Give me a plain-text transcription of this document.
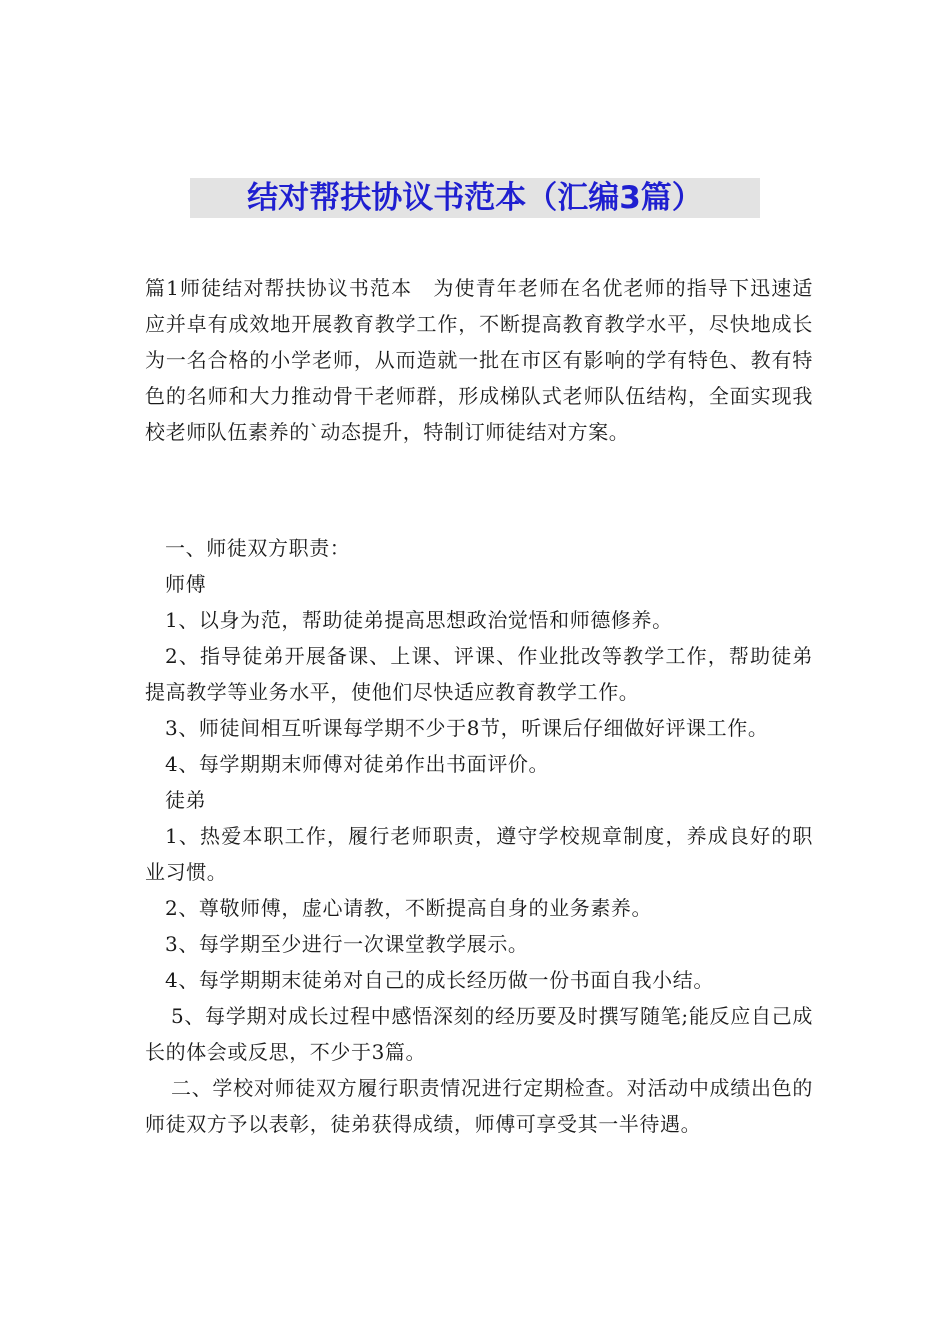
结对帮扶协议书范本（汇编3篇）

篇1师徒结对帮扶协议书范本　为使青年老师在名优老师的指导下迅速适应并卓有成效地开展教育教学工作，不断提高教育教学水平，尽快地成长为一名合格的小学老师，从而造就一批在市区有影响的学有特色、教有特色的名师和大力推动骨干老师群，形成梯队式老师队伍结构，全面实现我校老师队伍素养的`动态提升，特制订师徒结对方案。

一、师徒双方职责：

师傅

1、以身为范，帮助徒弟提高思想政治觉悟和师德修养。

2、指导徒弟开展备课、上课、评课、作业批改等教学工作，帮助徒弟提高教学等业务水平，使他们尽快适应教育教学工作。

3、师徒间相互听课每学期不少于8节，听课后仔细做好评课工作。

4、每学期期末师傅对徒弟作出书面评价。

徒弟

1、热爱本职工作，履行老师职责，遵守学校规章制度，养成良好的职业习惯。

2、尊敬师傅，虚心请教，不断提高自身的业务素养。

3、每学期至少进行一次课堂教学展示。

4、每学期期末徒弟对自己的成长经历做一份书面自我小结。

5、每学期对成长过程中感悟深刻的经历要及时撰写随笔;能反应自己成长的体会或反思，不少于3篇。

二、学校对师徒双方履行职责情况进行定期检查。对活动中成绩出色的师徒双方予以表彰，徒弟获得成绩，师傅可享受其一半待遇。
